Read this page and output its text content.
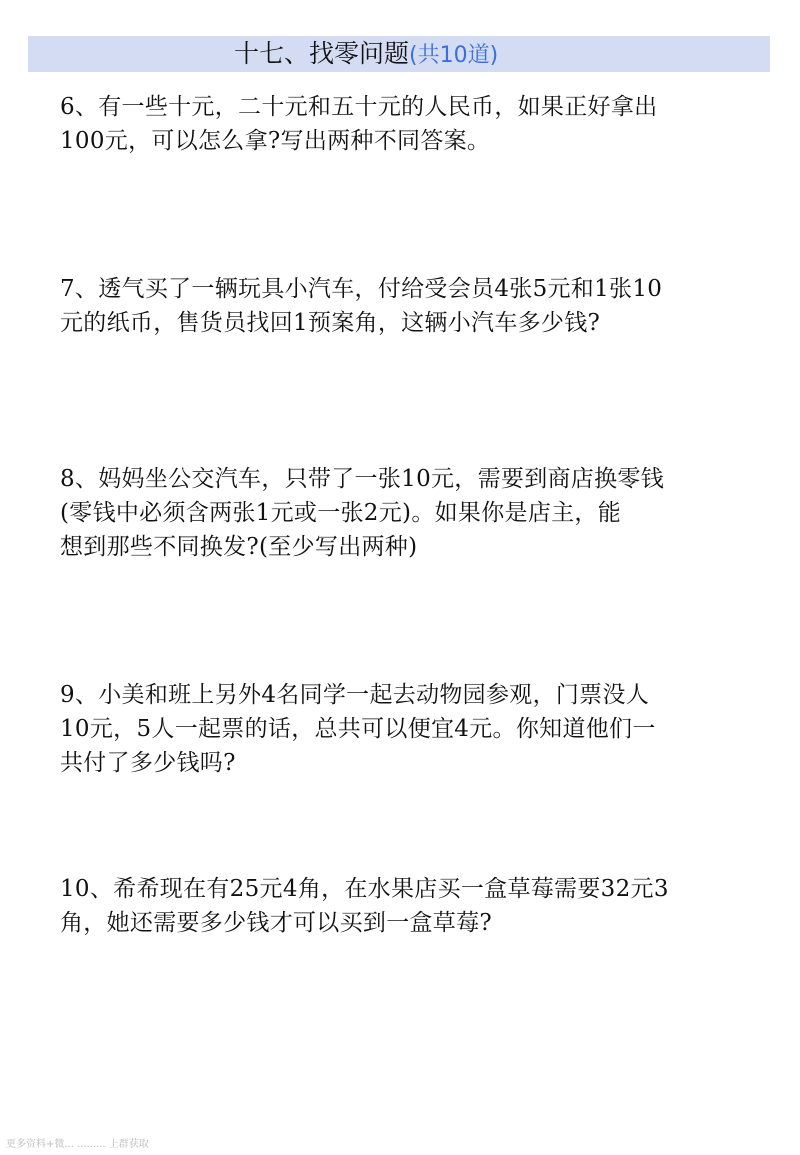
十七、找零问题(共10道)
6、有一些十元，二十元和五十元的人民币，如果正好拿出
100元，可以怎么拿?写出两种不同答案。
7、透气买了一辆玩具小汽车，付给受会员4张5元和1张10
元的纸币，售货员找回1预案角，这辆小汽车多少钱?
8、妈妈坐公交汽车，只带了一张10元，需要到商店换零钱
(零钱中必须含两张1元或一张2元)。如果你是店主，能
想到那些不同换发?(至少写出两种)
9、小美和班上另外4名同学一起去动物园参观，门票没人
10元，5人一起票的话，总共可以便宜4元。你知道他们一
共付了多少钱吗?
10、希希现在有25元4角，在水果店买一盒草莓需要32元3
角，她还需要多少钱才可以买到一盒草莓?
更多资料+微... ......... 上群获取
